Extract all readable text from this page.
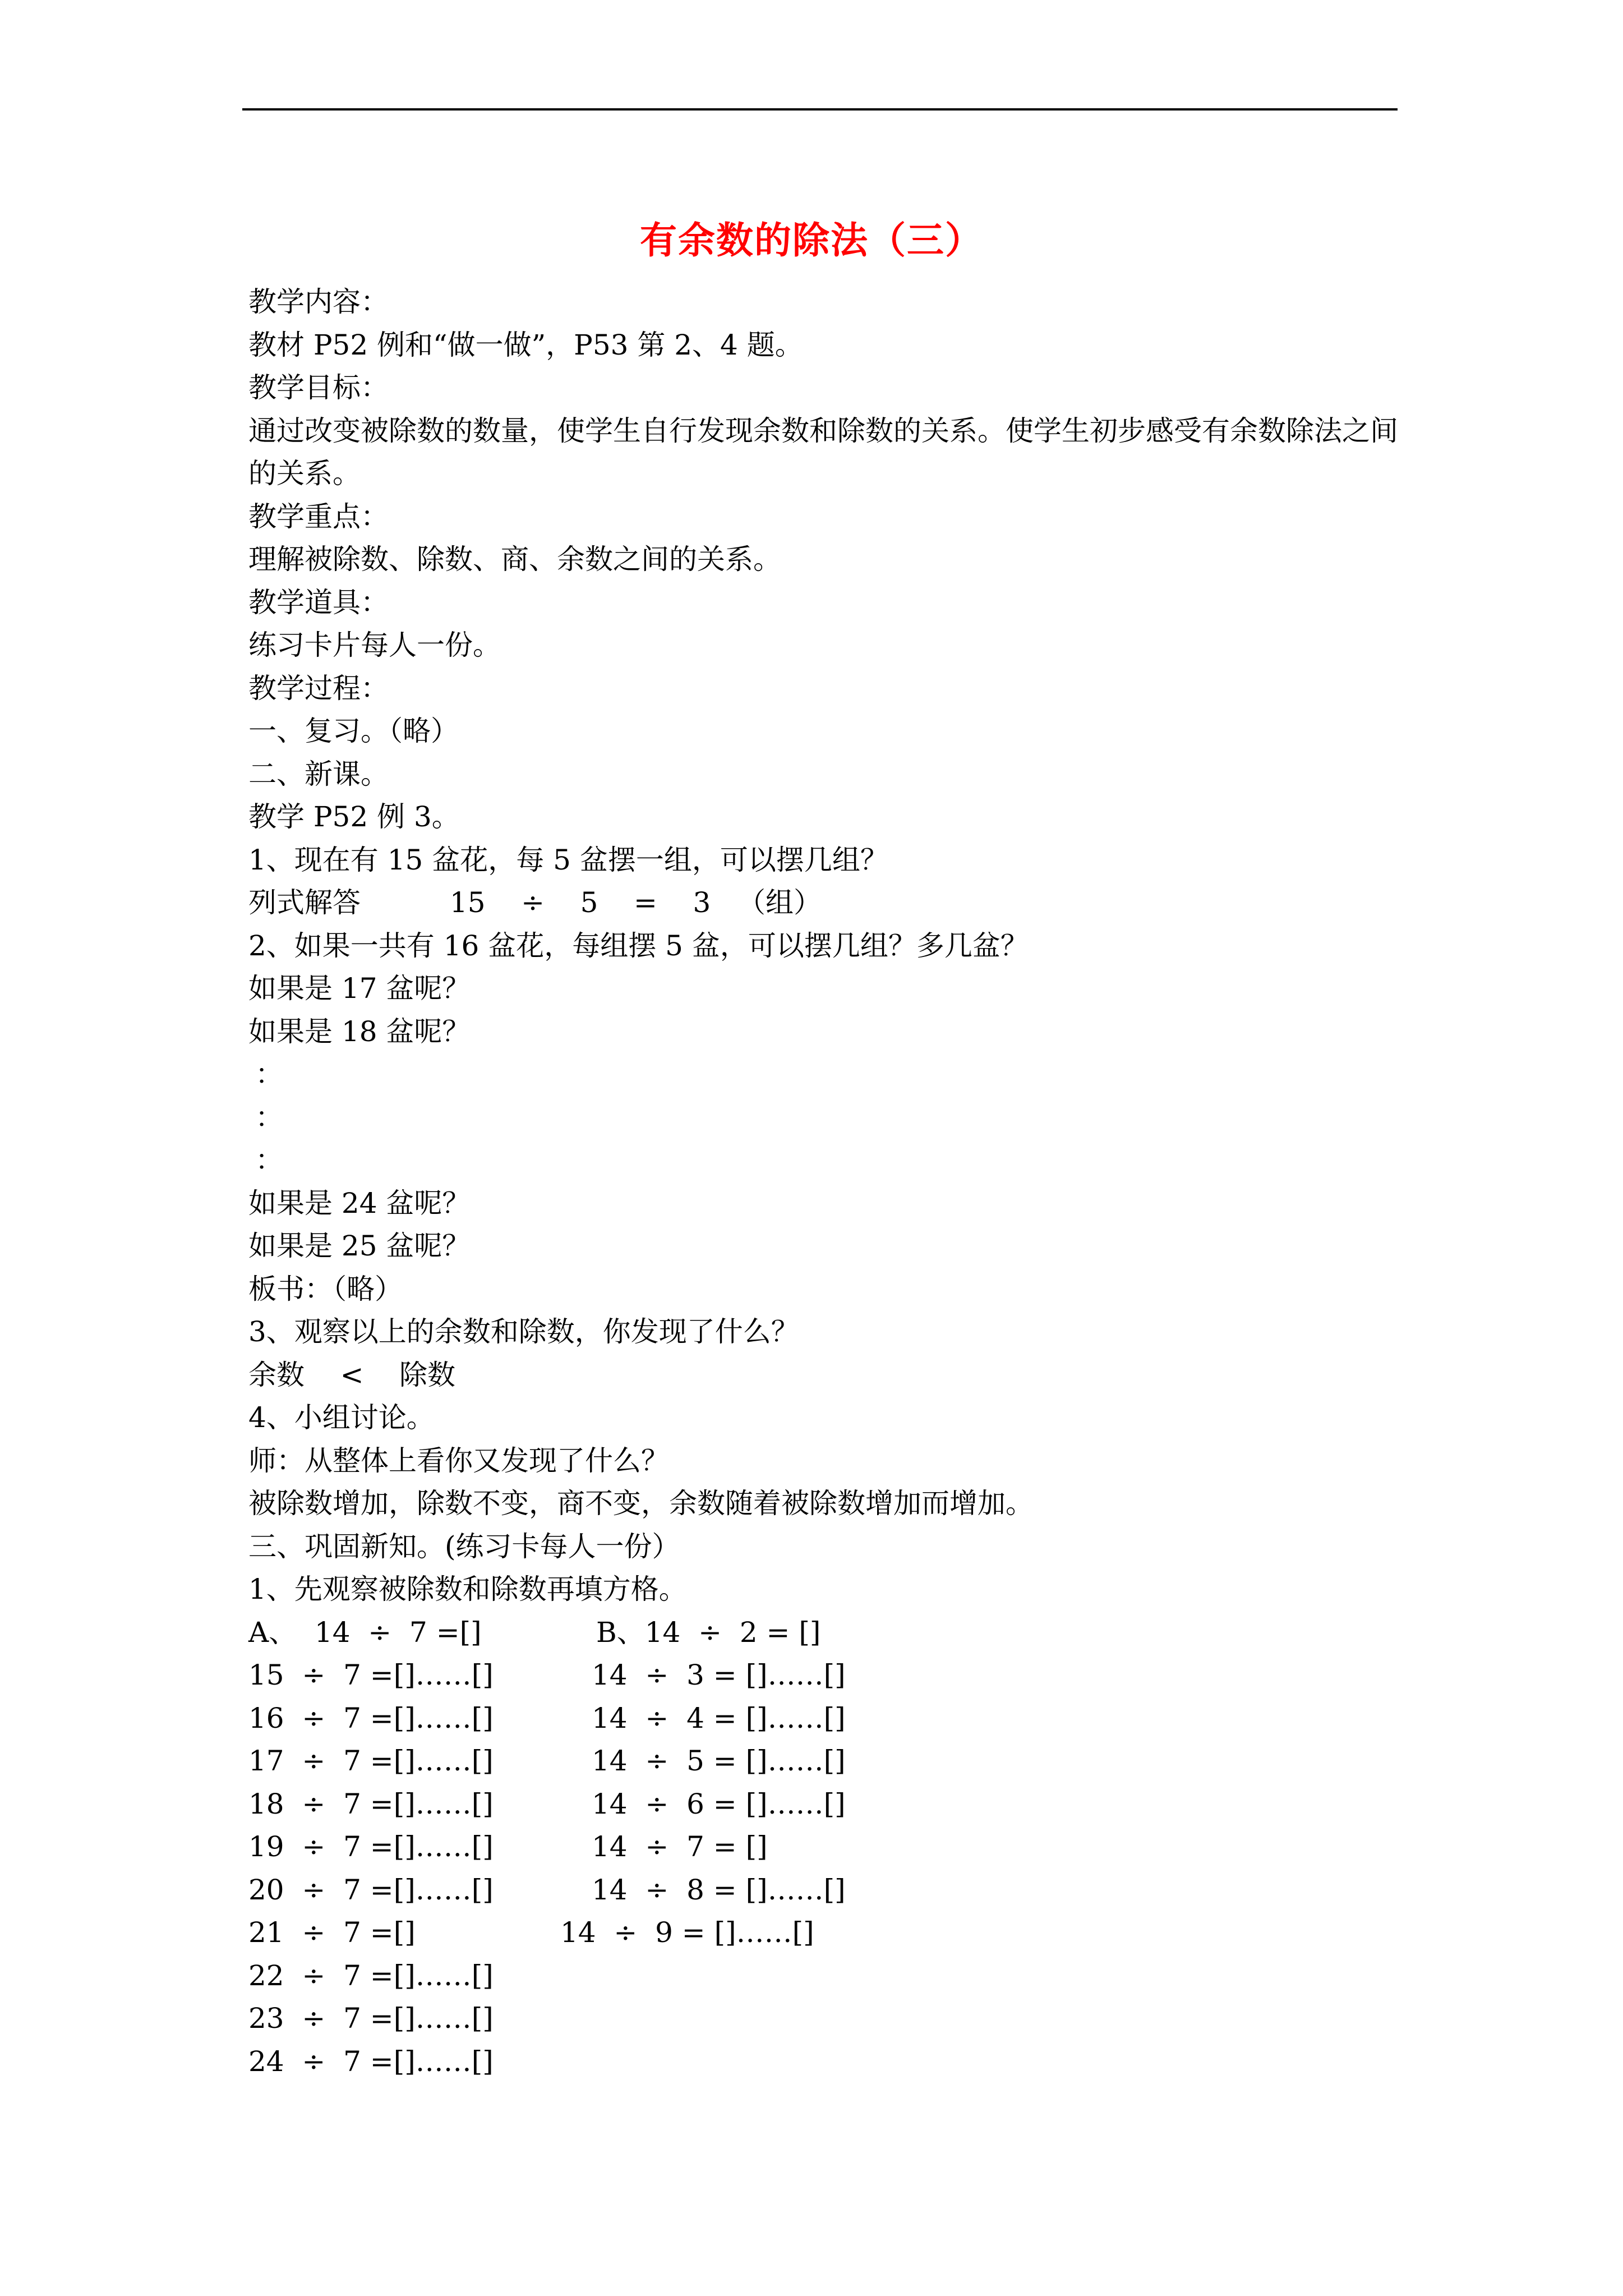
有余数的除法（三）
教学内容：
教材 P52 例和“做一做”，P53 第 2、4 题。
教学目标：
通过改变被除数的数量，使学生自行发现余数和除数的关系。使学生初步感受有余数除法之间的关系。
教学重点：
理解被除数、除数、商、余数之间的关系。
教学道具：
练习卡片每人一份。
教学过程：
一、复习。（略）
二、新课。
教学 P52 例 3。
1、现在有 15 盆花，每 5 盆摆一组，可以摆几组？
列式解答          15    ÷    5    =    3   （组）
2、如果一共有 16 盆花，每组摆 5 盆，可以摆几组？多几盆？
如果是 17 盆呢？
如果是 18 盆呢？
：
：
：
如果是 24 盆呢？
如果是 25 盆呢？
板书：（略）
3、观察以上的余数和除数，你发现了什么？
余数    <    除数
4、小组讨论。
师：从整体上看你又发现了什么？
被除数增加，除数不变，商不变，余数随着被除数增加而增加。
三、巩固新知。(练习卡每人一份）
1、先观察被除数和除数再填方格。
A、  14  ÷  7 =[]	B、14  ÷  2 = []
15  ÷  7 =[]……[]	14  ÷  3 = []……[]
16  ÷  7 =[]……[]	14  ÷  4 = []……[]
17  ÷  7 =[]……[]	14  ÷  5 = []……[]
18  ÷  7 =[]……[]	14  ÷  6 = []……[]
19  ÷  7 =[]……[]	14  ÷  7 = []
20  ÷  7 =[]……[]	14  ÷  8 = []……[]
21  ÷  7 =[]	14  ÷  9 = []……[]
22  ÷  7 =[]……[]
23  ÷  7 =[]……[]
24  ÷  7 =[]……[]
